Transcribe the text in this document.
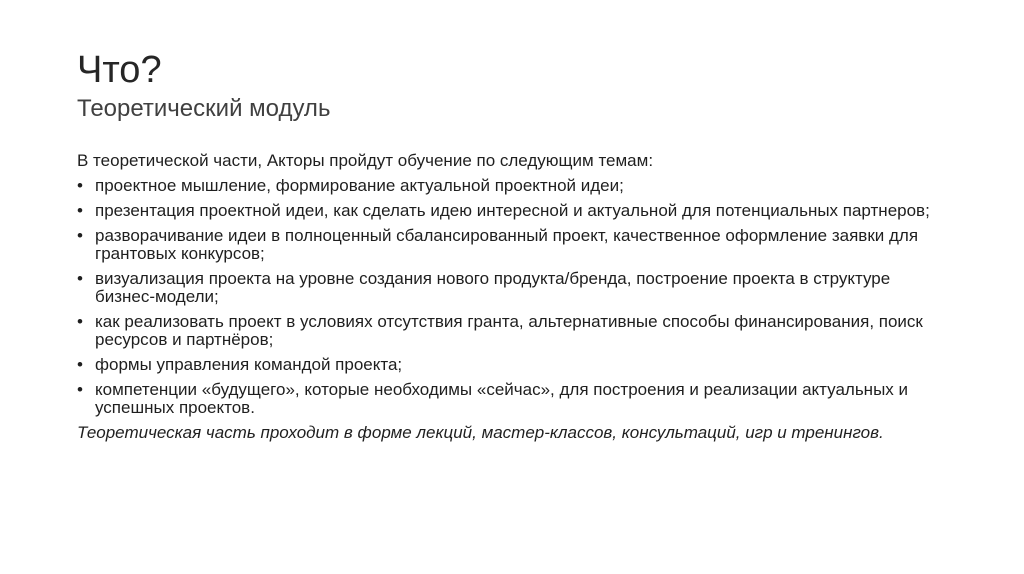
Что?
Теоретический модуль

В теоретической части, Акторы пройдут обучение по следующим темам:

• проектное мышление, формирование актуальной проектной идеи;
• презентация проектной идеи, как сделать идею интересной и актуальной для потенциальных партнеров;
• разворачивание идеи в полноценный сбалансированный проект, качественное оформление заявки для грантовых конкурсов;
• визуализация проекта на уровне создания нового продукта/бренда, построение проекта в структуре бизнес-модели;
• как реализовать проект в условиях отсутствия гранта, альтернативные способы финансирования, поиск ресурсов и партнёров;
• формы управления командой проекта;
• компетенции «будущего», которые необходимы «сейчас», для построения и реализации актуальных и успешных проектов.

Теоретическая часть проходит в форме лекций, мастер-классов, консультаций, игр и тренингов.
